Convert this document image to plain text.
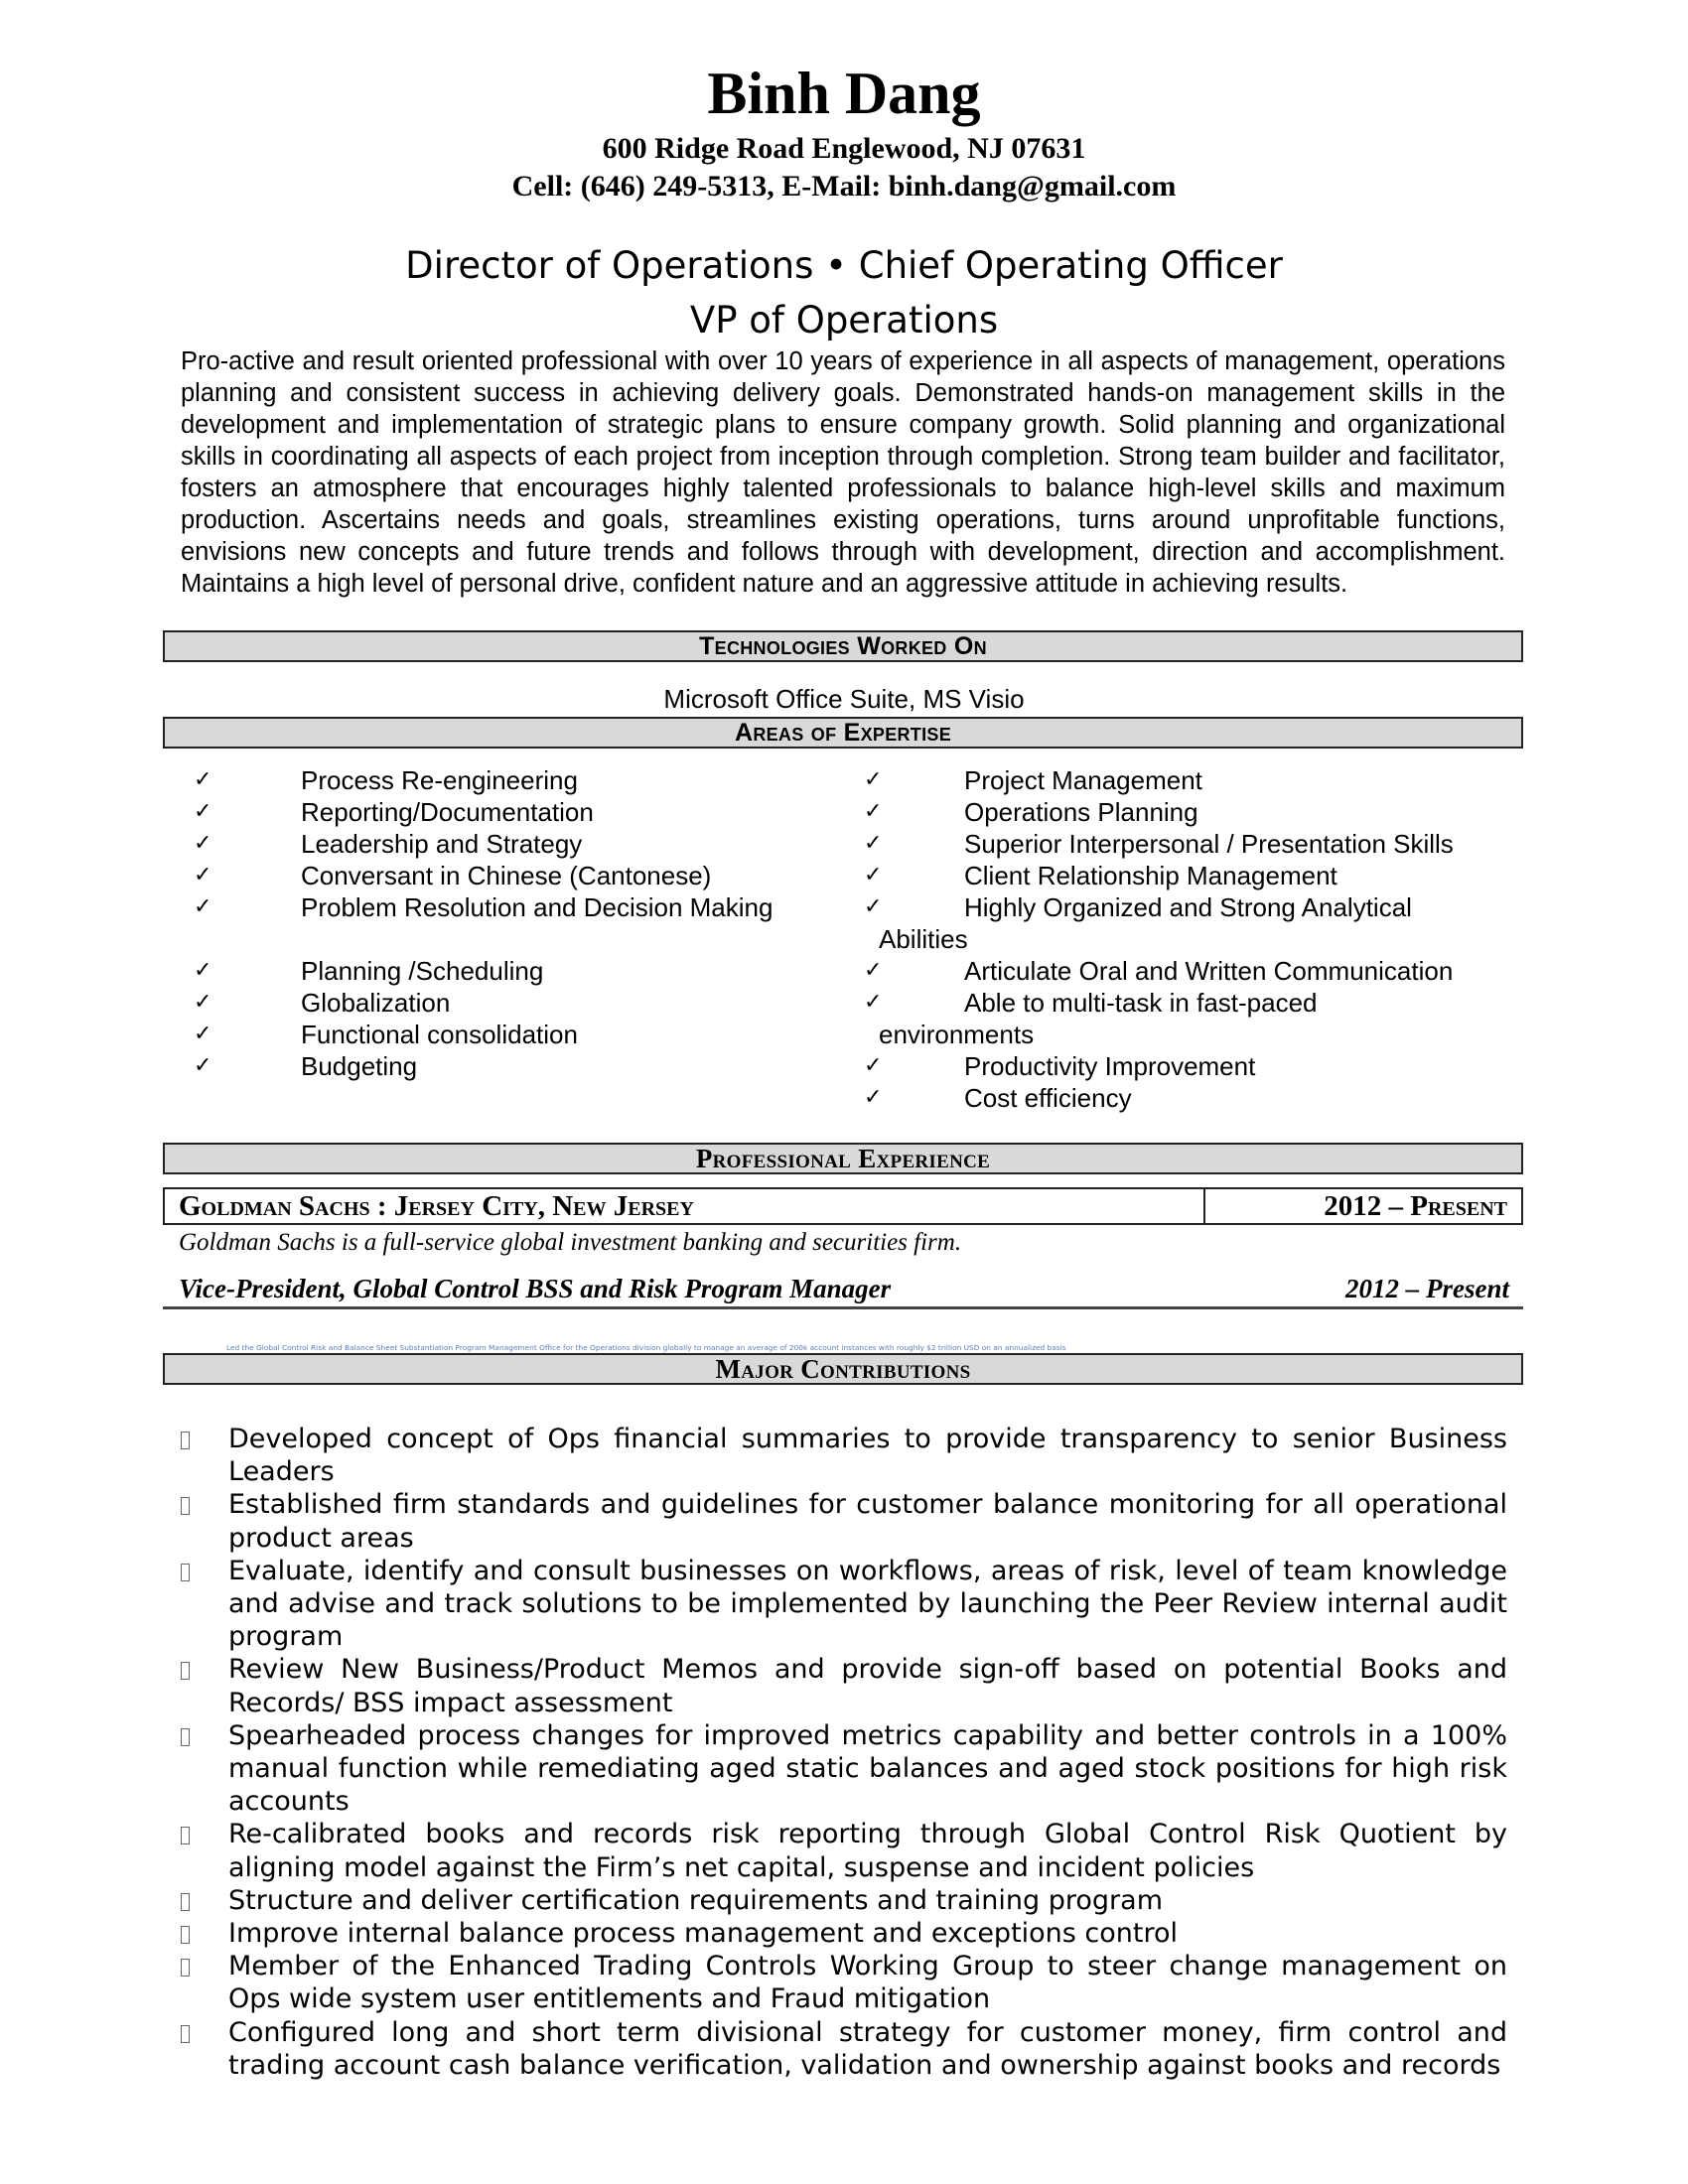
Binh Dang
600 Ridge Road Englewood, NJ 07631
Cell: (646) 249-5313, E-Mail: binh.dang@gmail.com
Director of Operations • Chief Operating Officer
VP of Operations
Pro-active and result oriented professional with over 10 years of experience in all aspects of management, operations planning and consistent success in achieving delivery goals. Demonstrated hands-on management skills in the development and implementation of strategic plans to ensure company growth. Solid planning and organizational skills in coordinating all aspects of each project from inception through completion. Strong team builder and facilitator, fosters an atmosphere that encourages highly talented professionals to balance high-level skills and maximum production. Ascertains needs and goals, streamlines existing operations, turns around unprofitable functions, envisions new concepts and future trends and follows through with development, direction and accomplishment. Maintains a high level of personal drive, confident nature and an aggressive attitude in achieving results.
Technologies Worked On
Microsoft Office Suite, MS Visio
Areas of Expertise
✓	Process Re-engineering
✓	Reporting/Documentation
✓	Leadership and Strategy
✓	Conversant in Chinese (Cantonese)
✓	Problem Resolution and Decision Making
✓	Planning /Scheduling
✓	Globalization
✓	Functional consolidation
✓	Budgeting
✓	Project Management
✓	Operations Planning
✓	Superior Interpersonal / Presentation Skills
✓	Client Relationship Management
✓	Highly Organized and Strong Analytical
Abilities
✓	Articulate Oral and Written Communication
✓	Able to multi-task in fast-paced
environments
✓	Productivity Improvement
✓	Cost efficiency
Professional Experience
Goldman Sachs : Jersey City, New Jersey	2012 – Present
Goldman Sachs is a full-service global investment banking and securities firm.
Vice-President, Global Control BSS and Risk Program Manager	2012 – Present
Led the Global Control Risk and Balance Sheet Substantiation Program Management Office for the Operations division globally to manage an average of 200k account instances with roughly $2 trillion USD on an annualized basis
Major Contributions
Developed concept of Ops financial summaries to provide transparency to senior Business Leaders
Established firm standards and guidelines for customer balance monitoring for all operational product areas
Evaluate, identify and consult businesses on workflows, areas of risk, level of team knowledge and advise and track solutions to be implemented by launching the Peer Review internal audit program
Review New Business/Product Memos and provide sign-off based on potential Books and Records/ BSS impact assessment
Spearheaded process changes for improved metrics capability and better controls in a 100% manual function while remediating aged static balances and aged stock positions for high risk accounts
Re-calibrated books and records risk reporting through Global Control Risk Quotient by aligning model against the Firm’s net capital, suspense and incident policies
Structure and deliver certification requirements and training program
Improve internal balance process management and exceptions control
Member of the Enhanced Trading Controls Working Group to steer change management on Ops wide system user entitlements and Fraud mitigation
Configured long and short term divisional strategy for customer money, firm control and trading account cash balance verification, validation and ownership against books and records
